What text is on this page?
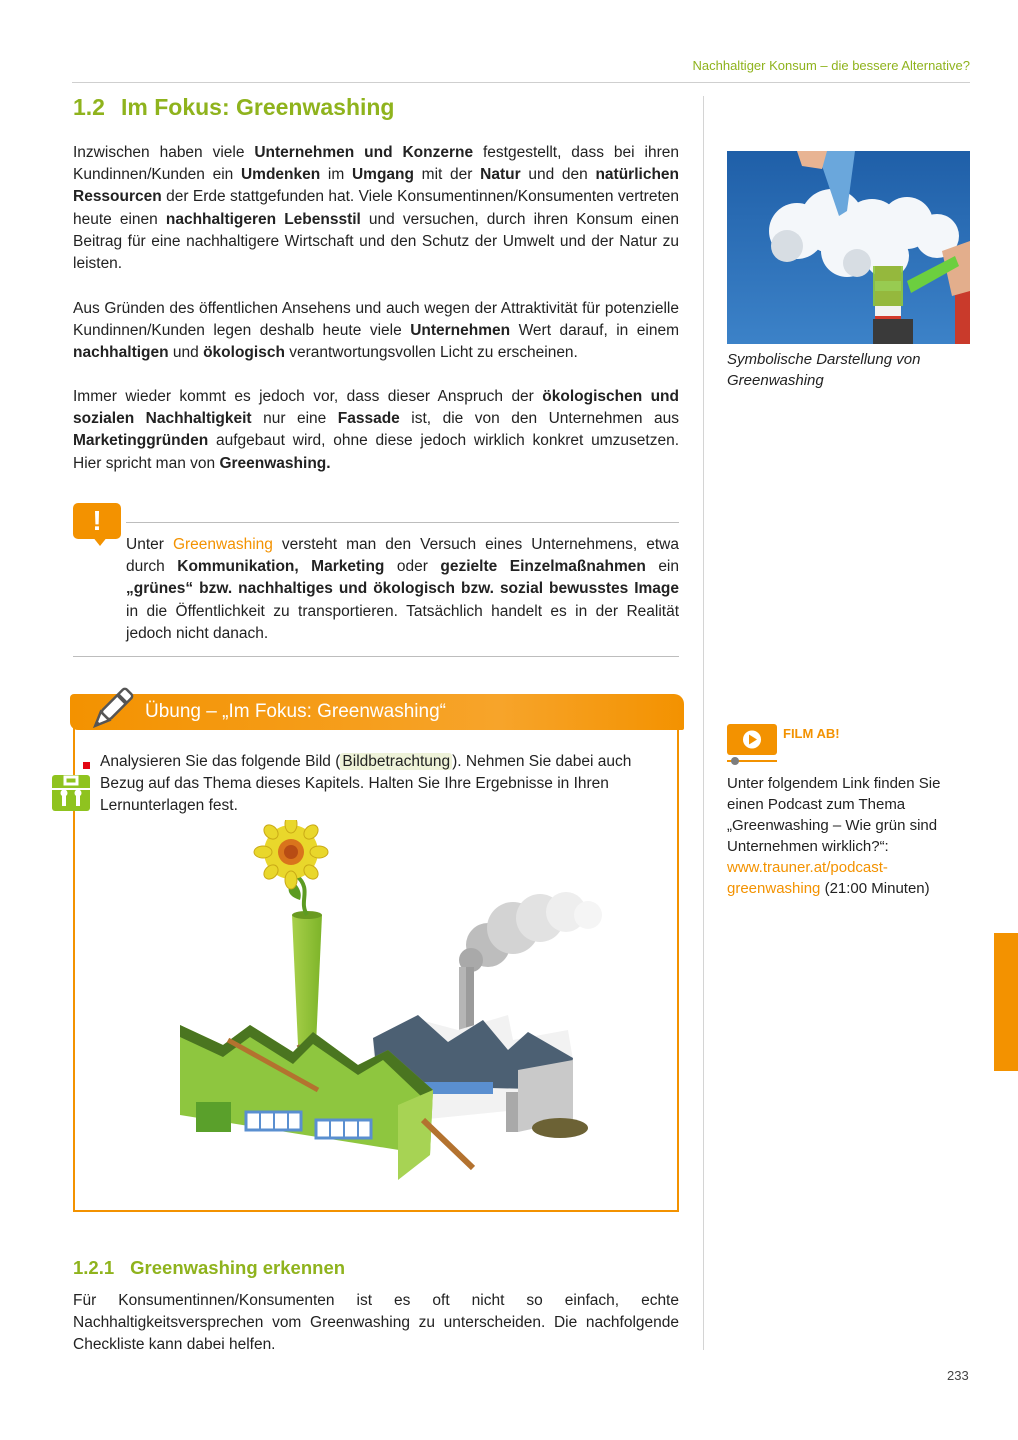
Nachhaltiger Konsum – die bessere Alternative?
1.2 Im Fokus: Greenwashing
Inzwischen haben viele Unternehmen und Konzerne festgestellt, dass bei ihren Kundinnen/Kunden ein Umdenken im Umgang mit der Natur und den natürlichen Ressourcen der Erde stattgefunden hat. Viele Konsumentinnen/Konsumenten vertreten heute einen nachhaltigeren Lebensstil und versuchen, durch ihren Konsum einen Beitrag für eine nachhaltigere Wirtschaft und den Schutz der Umwelt und der Natur zu leisten.
Aus Gründen des öffentlichen Ansehens und auch wegen der Attraktivität für potenzielle Kundinnen/Kunden legen deshalb heute viele Unternehmen Wert darauf, in einem nachhaltigen und ökologisch verantwortungsvollen Licht zu erscheinen.
Immer wieder kommt es jedoch vor, dass dieser Anspruch der ökologischen und sozialen Nachhaltigkeit nur eine Fassade ist, die von den Unternehmen aus Marketinggründen aufgebaut wird, ohne diese jedoch wirklich konkret umzusetzen. Hier spricht man von Greenwashing.
!
Unter Greenwashing versteht man den Versuch eines Unternehmens, etwa durch Kommunikation, Marketing oder gezielte Einzelmaßnahmen ein „grünes“ bzw. nachhaltiges und ökologisch bzw. sozial bewusstes Image in die Öffentlichkeit zu transportieren. Tatsächlich handelt es in der Realität jedoch nicht danach.
Übung – „Im Fokus: Greenwashing“
Analysieren Sie das folgende Bild ( Bildbetrachtung ). Nehmen Sie dabei auch Bezug auf das Thema dieses Kapitels. Halten Sie Ihre Ergebnisse in Ihren Lernunterlagen fest.
1.2.1 Greenwashing erkennen
Für Konsumentinnen/Konsumenten ist es oft nicht so einfach, echte Nachhaltigkeitsversprechen vom Greenwashing zu unterscheiden. Die nachfolgende Checkliste kann dabei helfen.
Symbolische Darstellung von Greenwashing
FILM AB!
Unter folgendem Link finden Sie einen Podcast zum Thema „Greenwashing – Wie grün sind Unternehmen wirklich?“: www.trauner.at/podcast-greenwashing (21:00 Minuten)
233
